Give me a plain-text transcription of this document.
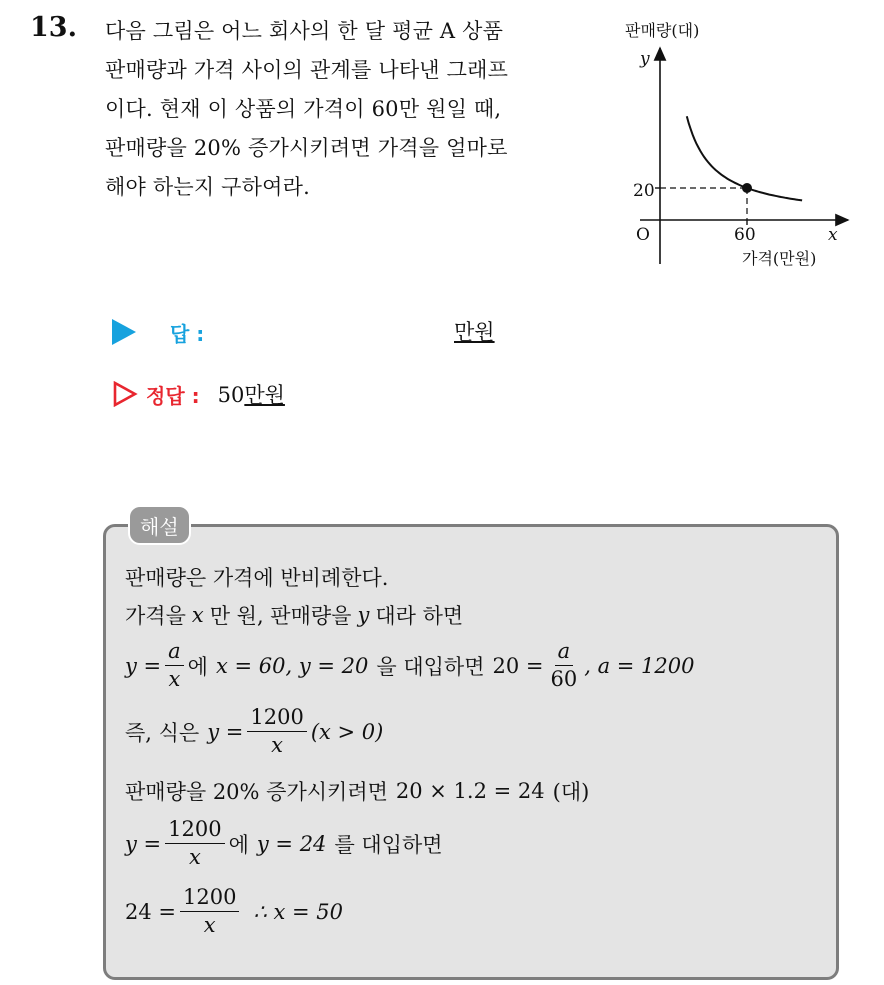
13. 다음 그림은 어느 회사의 한 달 평균 A 상품
판매량과 가격 사이의 관계를 나타낸 그래프
이다. 현재 이 상품의 가격이 60만 원일 때,
판매량을 20% 증가시키려면 가격을 얼마로
해야 하는지 구하여라.
판매량(대)
y
20
O	60	x
가격(만원)
답 :	만원
정답 : 50만원
해설
판매량은 가격에 반비례한다.
가격을 x 만 원, 판매량을 y 대라 하면
$y = \frac{a}{x}$ 에 x = 60, y = 20 을 대입하면 $20 = \frac{a}{60}$ , a = 1200
즉, 식은 $y = \frac{1200}{x} (x > 0)$
판매량을 20% 증가시키려면 20 × 1.2 = 24 (대)
$y = \frac{1200}{x}$ 에 y = 24 를 대입하면
$24 = \frac{1200}{x}$ ∴ x = 50
